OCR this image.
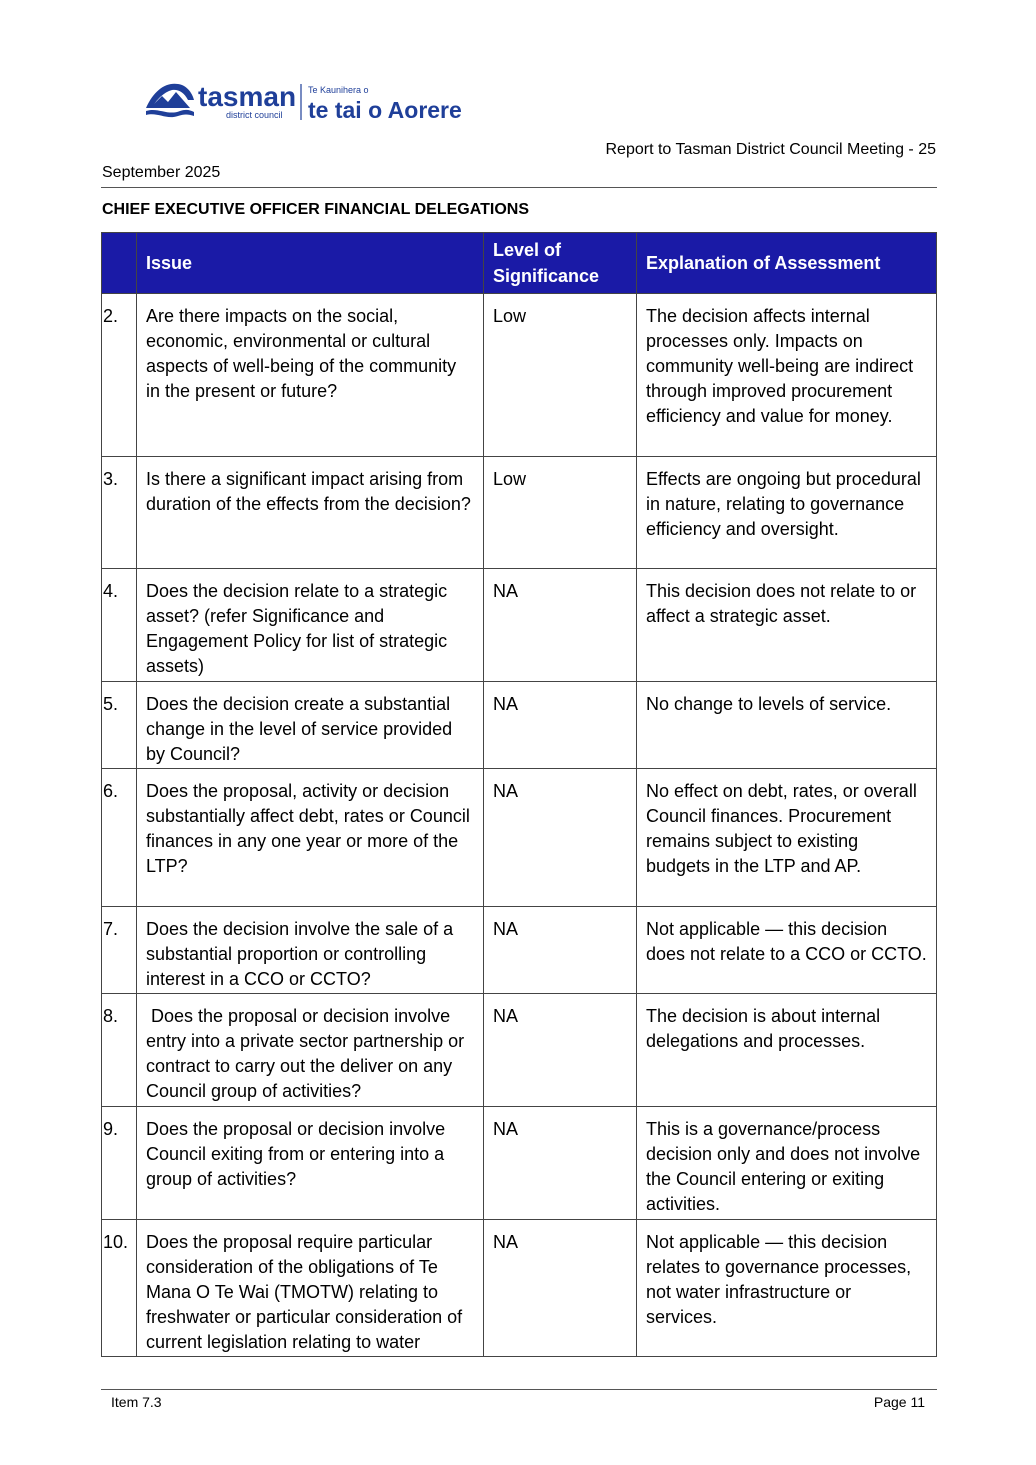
tasman
district council
Te Kaunihera o
te tai o Aorere
Report to Tasman District Council Meeting - 25
September 2025
CHIEF EXECUTIVE OFFICER FINANCIAL DELEGATIONS
	Issue	Level of Significance	Explanation of Assessment
2.	Are there impacts on the social, economic, environmental or cultural aspects of well-being of the community in the present or future?	Low	The decision affects internal processes only. Impacts on community well-being are indirect through improved procurement efficiency and value for money.
3.	Is there a significant impact arising from duration of the effects from the decision?	Low	Effects are ongoing but procedural in nature, relating to governance efficiency and oversight.
4.	Does the decision relate to a strategic asset? (refer Significance and Engagement Policy for list of strategic assets)	NA	This decision does not relate to or affect a strategic asset.
5.	Does the decision create a substantial change in the level of service provided by Council?	NA	No change to levels of service.
6.	Does the proposal, activity or decision substantially affect debt, rates or Council finances in any one year or more of the LTP?	NA	No effect on debt, rates, or overall Council finances. Procurement remains subject to existing budgets in the LTP and AP.
7.	Does the decision involve the sale of a substantial proportion or controlling interest in a CCO or CCTO?	NA	Not applicable — this decision does not relate to a CCO or CCTO.
8.	Does the proposal or decision involve entry into a private sector partnership or contract to carry out the deliver on any Council group of activities?	NA	The decision is about internal delegations and processes.
9.	Does the proposal or decision involve Council exiting from or entering into a group of activities?	NA	This is a governance/process decision only and does not involve the Council entering or exiting activities.
10.	Does the proposal require particular consideration of the obligations of Te Mana O Te Wai (TMOTW) relating to freshwater or particular consideration of current legislation relating to water	NA	Not applicable — this decision relates to governance processes, not water infrastructure or services.
Item 7.3	Page 11
